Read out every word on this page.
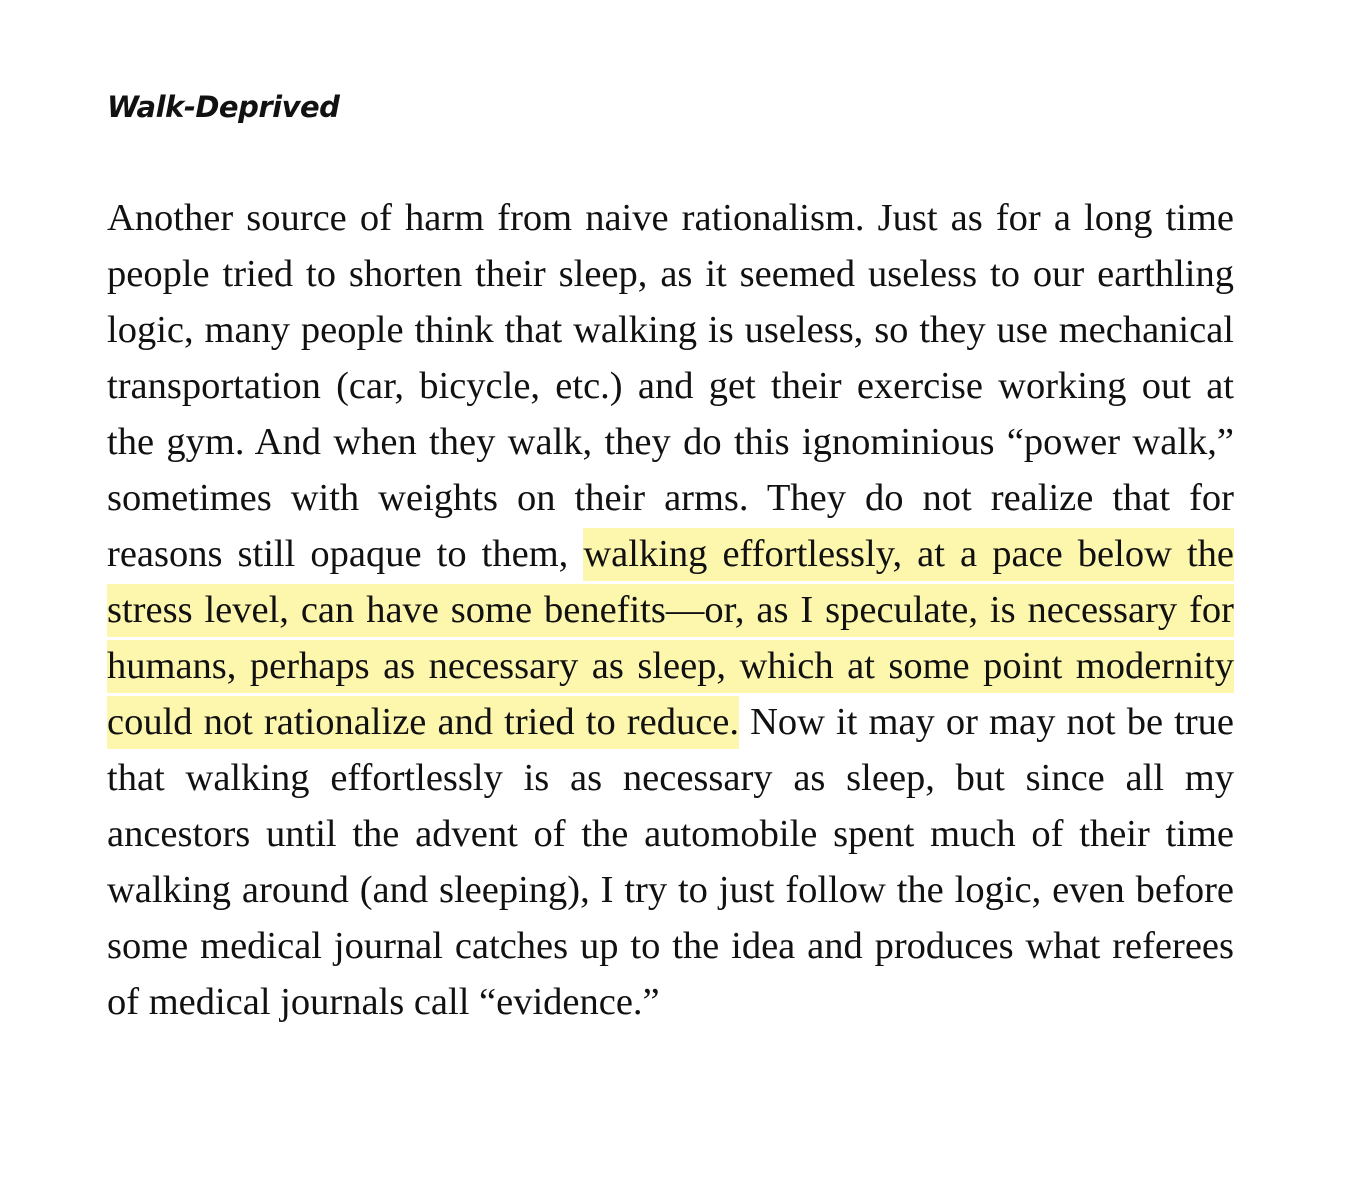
Walk-Deprived

Another source of harm from naive rationalism. Just as for a long time people tried to shorten their sleep, as it seemed useless to our earthling logic, many people think that walking is useless, so they use mechanical transportation (car, bicycle, etc.) and get their exercise working out at the gym. And when they walk, they do this ignominious “power walk,” sometimes with weights on their arms. They do not realize that for reasons still opaque to them, walking effortlessly, at a pace below the stress level, can have some benefits—or, as I speculate, is necessary for humans, perhaps as necessary as sleep, which at some point modernity could not rationalize and tried to reduce. Now it may or may not be true that walking effortlessly is as necessary as sleep, but since all my ancestors until the advent of the automobile spent much of their time walking around (and sleeping), I try to just follow the logic, even before some medical journal catches up to the idea and produces what referees of medical journals call “evidence.”
